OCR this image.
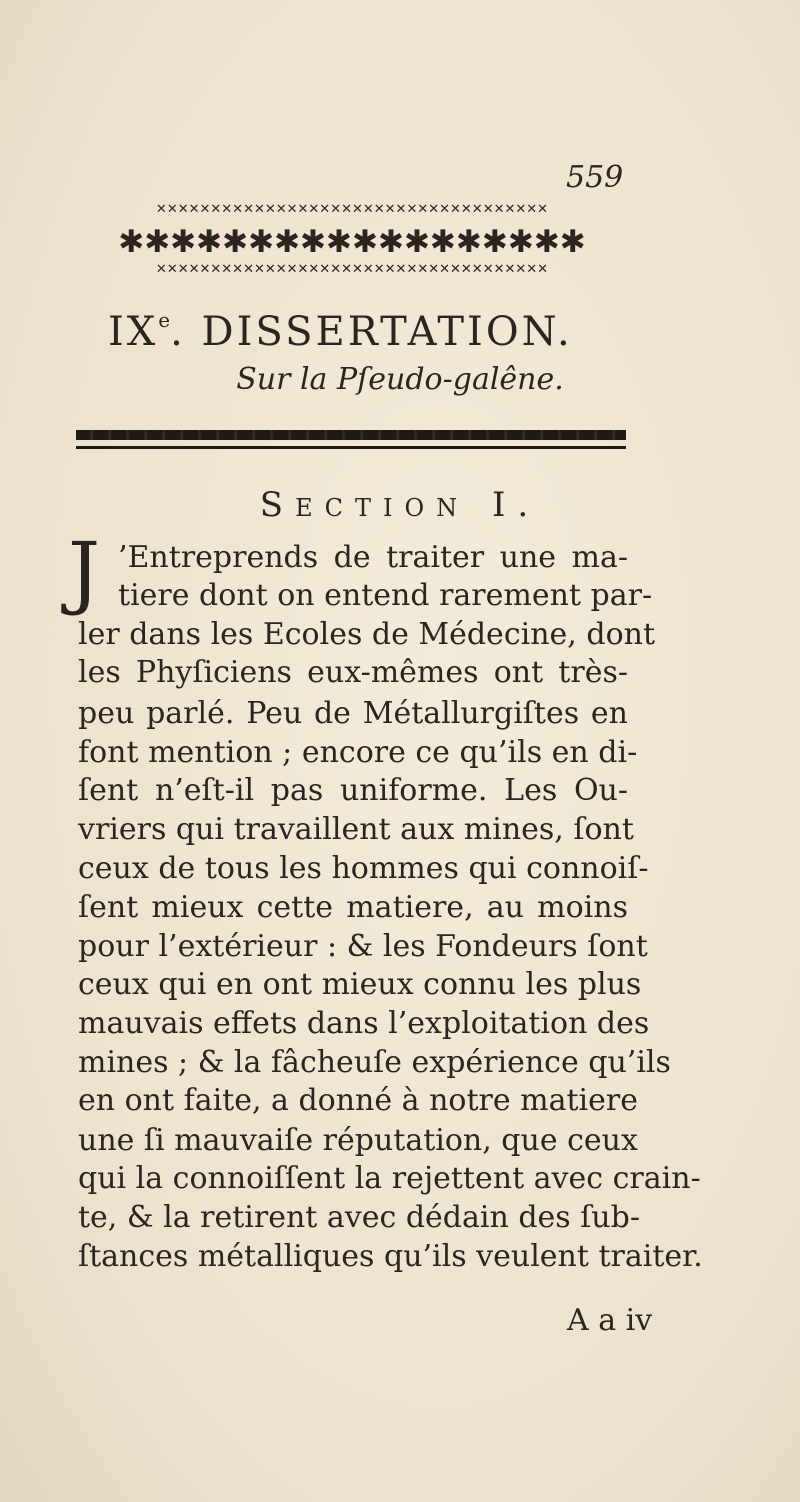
559
✕✕✕✕✕✕✕✕✕✕✕✕✕✕✕✕✕✕✕✕✕✕✕✕✕✕✕✕✕✕✕✕✕✕✕✕
✱✱✱✱✱✱✱✱✱✱✱✱✱✱✱✱✱✱
✕✕✕✕✕✕✕✕✕✕✕✕✕✕✕✕✕✕✕✕✕✕✕✕✕✕✕✕✕✕✕✕✕✕✕✕
IXe. DISSERTATION.
Sur la Pſeudo-galêne.
Section I.
J ’Entreprends de traiter une ma-
tiere dont on entend rarement par-
ler dans les Ecoles de Médecine, dont
les Phyſiciens eux-mêmes ont très-
peu parlé. Peu de Métallurgiſtes en
font mention ; encore ce qu’ils en di-
ſent n’eſt-il pas uniforme. Les Ou-
vriers qui travaillent aux mines, ſont
ceux de tous les hommes qui connoiſ-
ſent mieux cette matiere, au moins
pour l’extérieur : & les Fondeurs ſont
ceux qui en ont mieux connu les plus
mauvais effets dans l’exploitation des
mines ; & la fâcheuſe expérience qu’ils
en ont faite, a donné à notre matiere
une ſi mauvaiſe réputation, que ceux
qui la connoiſſent la rejettent avec crain-
te, & la retirent avec dédain des ſub-
ſtances métalliques qu’ils veulent traiter.
A a iv
